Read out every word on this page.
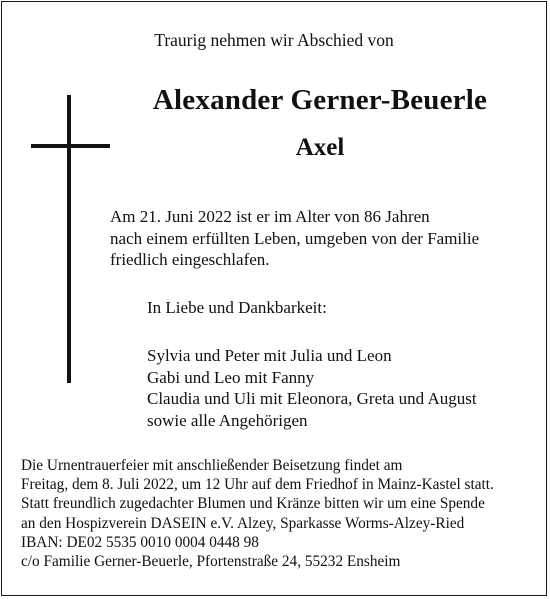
Traurig nehmen wir Abschied von
Alexander Gerner-Beuerle
Axel
Am 21. Juni 2022 ist er im Alter von 86 Jahren
nach einem erfüllten Leben, umgeben von der Familie
friedlich eingeschlafen.
In Liebe und Dankbarkeit:
Sylvia und Peter mit Julia und Leon
Gabi und Leo mit Fanny
Claudia und Uli mit Eleonora, Greta und August
sowie alle Angehörigen
Die Urnentrauerfeier mit anschließender Beisetzung findet am
Freitag, dem 8. Juli 2022, um 12 Uhr auf dem Friedhof in Mainz-Kastel statt.
Statt freundlich zugedachter Blumen und Kränze bitten wir um eine Spende
an den Hospizverein DASEIN e.V. Alzey, Sparkasse Worms-Alzey-Ried
IBAN: DE02 5535 0010 0004 0448 98
c/o Familie Gerner-Beuerle, Pfortenstraße 24, 55232 Ensheim
